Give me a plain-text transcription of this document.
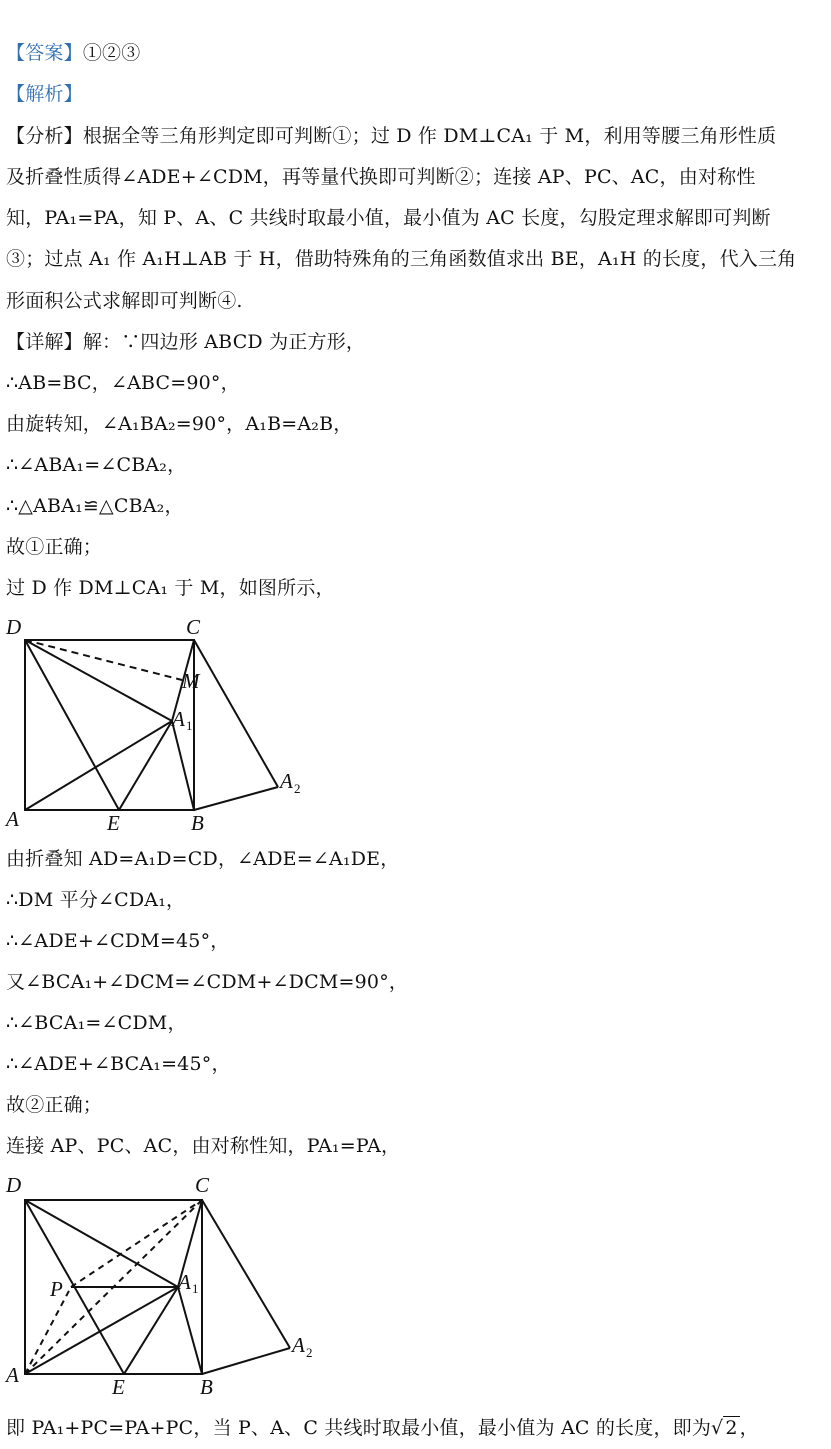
【答案】①②③
【解析】
【分析】根据全等三角形判定即可判断①；过 D 作 DM⊥CA₁ 于 M，利用等腰三角形性质
及折叠性质得∠ADE+∠CDM，再等量代换即可判断②；连接 AP、PC、AC，由对称性
知，PA₁=PA，知 P、A、C 共线时取最小值，最小值为 AC 长度，勾股定理求解即可判断
③；过点 A₁ 作 A₁H⊥AB 于 H，借助特殊角的三角函数值求出 BE，A₁H 的长度，代入三角
形面积公式求解即可判断④.
【详解】解：∵四边形 ABCD 为正方形，
∴AB=BC，∠ABC=90°，
由旋转知，∠A₁BA₂=90°，A₁B=A₂B，
∴∠ABA₁=∠CBA₂，
∴△ABA₁≌△CBA₂，
故①正确；
过 D 作 DM⊥CA₁ 于 M，如图所示，
D	C
M
A 1
A 2
A	E	B
由折叠知 AD=A₁D=CD，∠ADE=∠A₁DE，
∴DM 平分∠CDA₁，
∴∠ADE+∠CDM=45°，
又∠BCA₁+∠DCM=∠CDM+∠DCM=90°，
∴∠BCA₁=∠CDM，
∴∠ADE+∠BCA₁=45°，
故②正确；
连接 AP、PC、AC，由对称性知，PA₁=PA，
D	C
P	A 1
A 2
A	E	B
即 PA₁+PC=PA+PC，当 P、A、C 共线时取最小值，最小值为 AC 的长度，即为√ 2 ，
